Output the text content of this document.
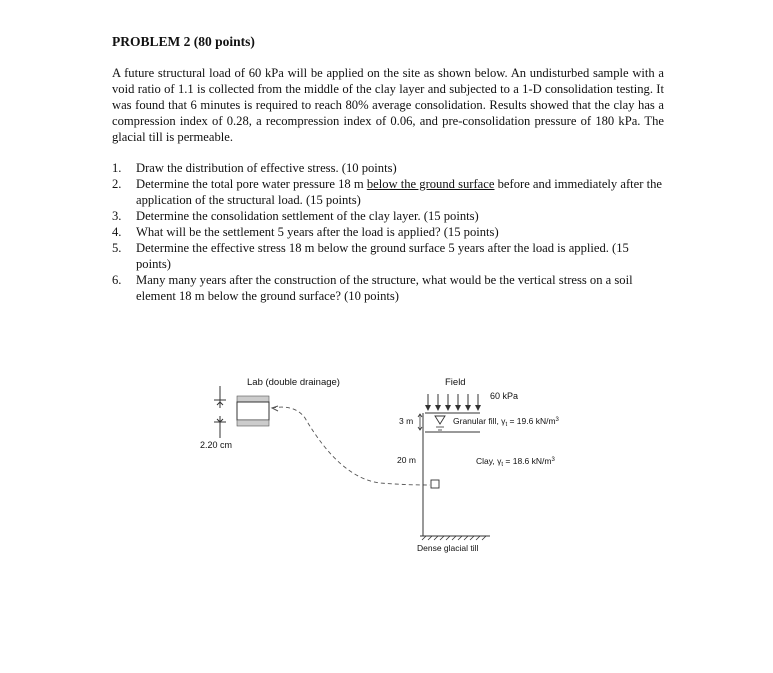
PROBLEM 2 (80 points)
A future structural load of 60 kPa will be applied on the site as shown below. An undisturbed sample with a void ratio of 1.1 is collected from the middle of the clay layer and subjected to a 1-D consolidation testing. It was found that 6 minutes is required to reach 80% average consolidation. Results showed that the clay has a compression index of 0.28, a recompression index of 0.06, and pre-consolidation pressure of 180 kPa. The glacial till is permeable.
1. Draw the distribution of effective stress. (10 points)
2. Determine the total pore water pressure 18 m below the ground surface before and immediately after the application of the structural load. (15 points)
3. Determine the consolidation settlement of the clay layer. (15 points)
4. What will be the settlement 5 years after the load is applied? (15 points)
5. Determine the effective stress 18 m below the ground surface 5 years after the load is applied. (15 points)
6. Many many years after the construction of the structure, what would be the vertical stress on a soil element 18 m below the ground surface? (10 points)
Lab (double drainage)
2.20 cm
Field
60 kPa
3 m	Granular fill, $\gamma_t = 19.6$ $kN/m^3$
20 m	Clay, $\gamma_t = 18.6$ $kN/m^3$
Dense glacial till
